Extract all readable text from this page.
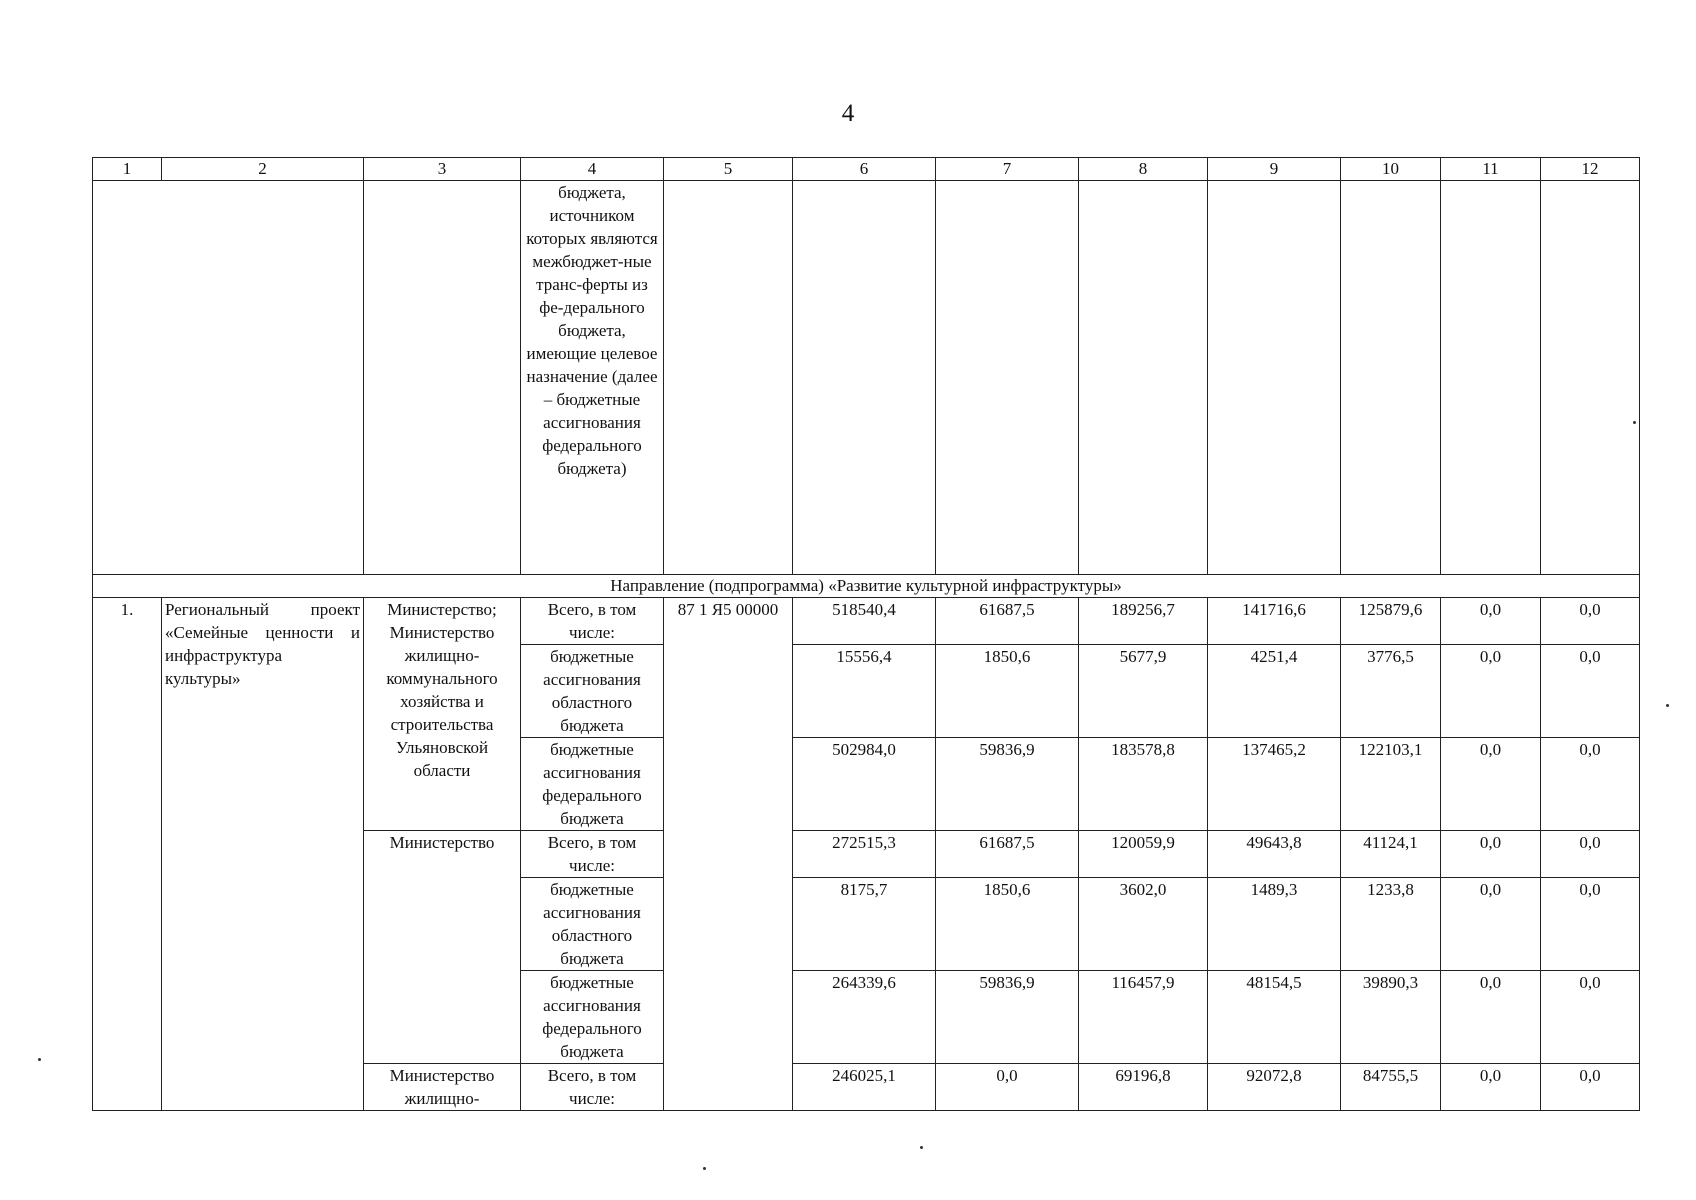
4
1	2	3	4	5	6	7	8	9	10	11	12
			бюджета, источником которых являются межбюджет-ные транс-ферты из фе-дерального бюджета, имеющие целевое назначение (далее – бюджетные ассигнования федерального бюджета)								
Направление (подпрограмма) «Развитие культурной инфраструктуры»											
1.	Региональный проект «Семейные ценности и инфраструктура культуры»	Министерство; Министерство жилищно-коммунального хозяйства и строительства Ульяновской области	Всего, в том числе:	87 1 Я5 00000	518540,4	61687,5	189256,7	141716,6	125879,6	0,0	0,0
			бюджетные ассигнования областного бюджета		15556,4	1850,6	5677,9	4251,4	3776,5	0,0	0,0
			бюджетные ассигнования федерального бюджета		502984,0	59836,9	183578,8	137465,2	122103,1	0,0	0,0
		Министерство	Всего, в том числе:		272515,3	61687,5	120059,9	49643,8	41124,1	0,0	0,0
			бюджетные ассигнования областного бюджета		8175,7	1850,6	3602,0	1489,3	1233,8	0,0	0,0
			бюджетные ассигнования федерального бюджета		264339,6	59836,9	116457,9	48154,5	39890,3	0,0	0,0
		Министерство жилищно-	Всего, в том числе:		246025,1	0,0	69196,8	92072,8	84755,5	0,0	0,0
